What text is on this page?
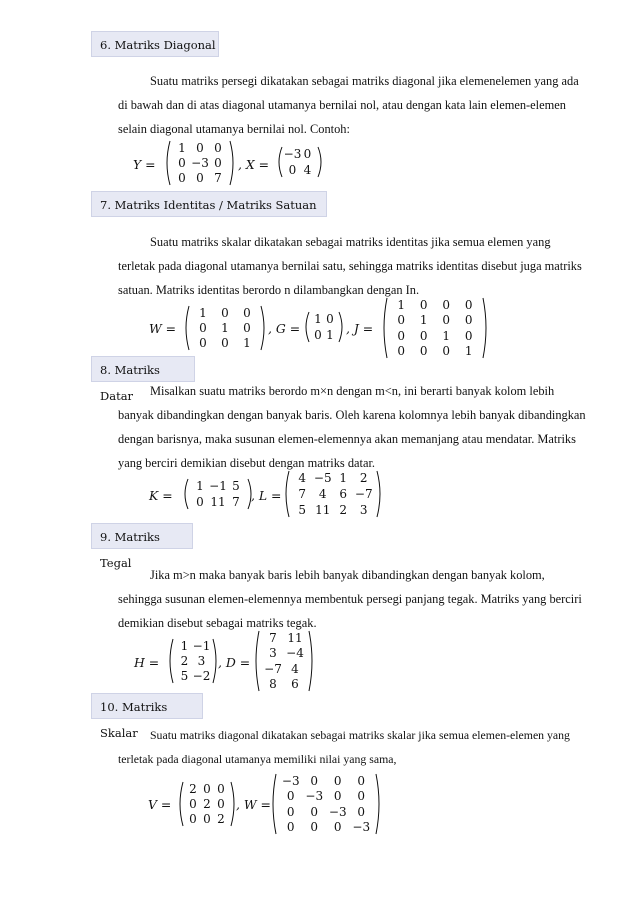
6. Matriks Diagonal
Suatu matriks persegi dikatakan sebagai matriks diagonal jika elemenelemen yang ada
di bawah dan di atas diagonal utamanya bernilai nol, atau dengan kata lain elemen-elemen
selain diagonal utamanya bernilai nol. Contoh:
Y =
1 0 0
0 −3 0
0 0 7
, X =
−3 0
0 4
7. Matriks Identitas / Matriks Satuan
Suatu matriks skalar dikatakan sebagai matriks identitas jika semua elemen yang
terletak pada diagonal utamanya bernilai satu, sehingga matriks identitas disebut juga matriks
satuan. Matriks identitas berordo n dilambangkan dengan In.
W =
1	0	0
0	1	0
0	0	1
, G =
1 0
0 1 , J =
1	0	0	0
0	1	0	0
0	0	1	0
0	0	0	1
8. Matriks Datar	Misalkan suatu matriks berordo m×n dengan m<n, ini berarti banyak kolom lebih
banyak dibandingkan dengan banyak baris. Oleh karena kolomnya lebih banyak dibandingkan
dengan barisnya, maka susunan elemen-elemennya akan memanjang atau mendatar. Matriks
yang berciri demikian disebut dengan matriks datar.
K =
1 −1 5
0 11 7 , L =
4 −5 1	2
7	4	6 −7
5 11 2	3
9. Matriks Tegal
Jika m>n maka banyak baris lebih banyak dibandingkan dengan banyak kolom,
sehingga susunan elemen-elemennya membentuk persegi panjang tegak. Matriks yang berciri
demikian disebut sebagai matriks tegak.
H =
1 −1
2 3
5 −2
, D =
7 11
3 −4
−7 4
8	6
10. Matriks Skalar	Suatu matriks diagonal dikatakan sebagai matriks skalar jika semua elemen-elemen yang
terletak pada diagonal utamanya memiliki nilai yang sama,
V =
2 0 0
0 2 0
0 0 2
, W =
−3 0	0	0
0 −3 0	0
0	0 −3 0
0	0	0 −3
